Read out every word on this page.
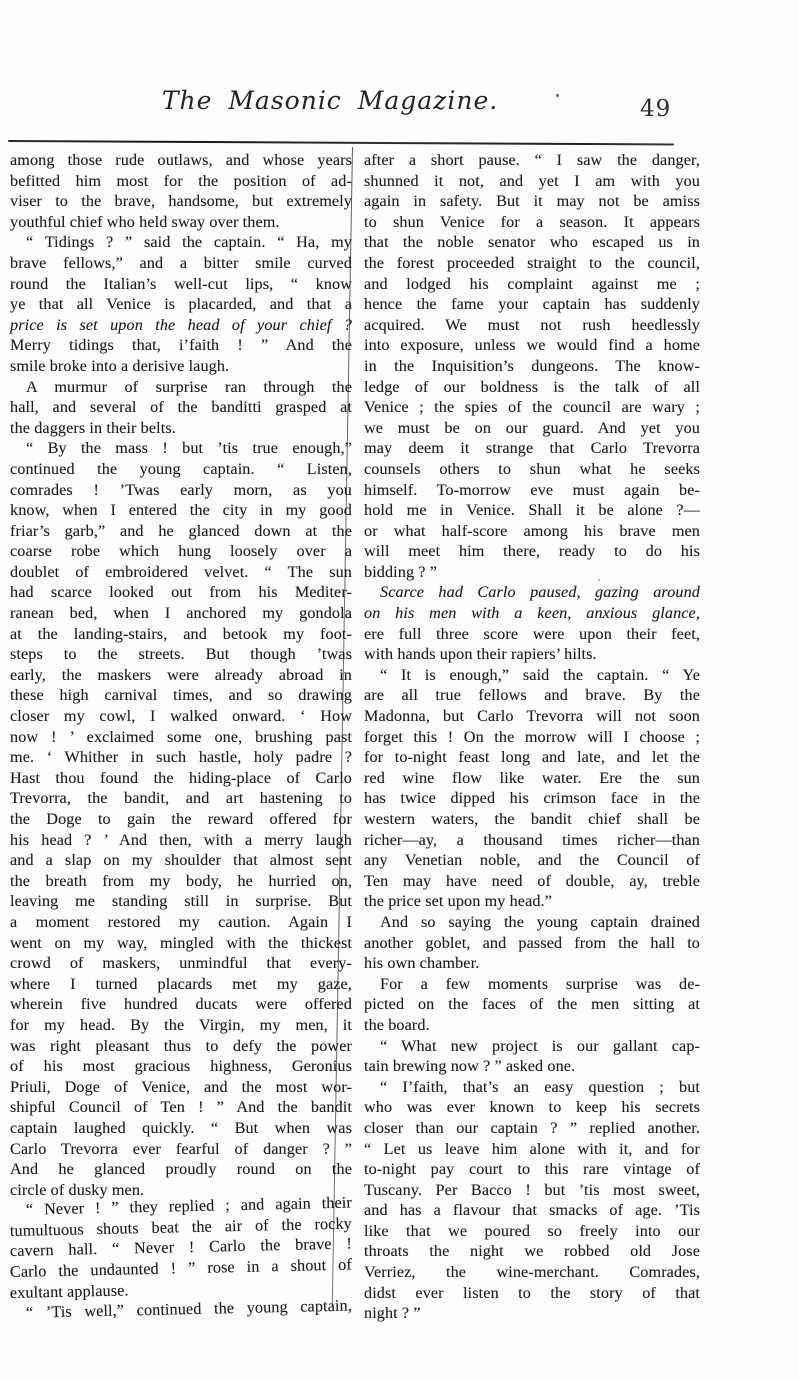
The Masonic Magazine.	49
among those rude outlaws, and whose years
befitted him most for the position of ad-
viser to the brave, handsome, but extremely
youthful chief who held sway over them.
“ Tidings ? ” said the captain. “ Ha, my
brave fellows,” and a bitter smile curved
round the Italian’s well-cut lips, “ know
ye that all Venice is placarded, and that a
price is set upon the head of your chief ?
Merry tidings that, i’faith ! ” And the
smile broke into a derisive laugh.
A murmur of surprise ran through the
hall, and several of the banditti grasped at
the daggers in their belts.
“ By the mass ! but ’tis true enough,”
continued the young captain. “ Listen,
comrades ! ’Twas early morn, as you
know, when I entered the city in my good
friar’s garb,” and he glanced down at the
coarse robe which hung loosely over a
doublet of embroidered velvet. “ The sun
had scarce looked out from his Mediter-
ranean bed, when I anchored my gondola
at the landing-stairs, and betook my foot-
steps to the streets. But though ’twas
early, the maskers were already abroad in
these high carnival times, and so drawing
closer my cowl, I walked onward. ‘ How
now ! ’ exclaimed some one, brushing past
me. ‘ Whither in such hastle, holy padre ?
Hast thou found the hiding-place of Carlo
Trevorra, the bandit, and art hastening to
the Doge to gain the reward offered for
his head ? ’ And then, with a merry laugh
and a slap on my shoulder that almost sent
the breath from my body, he hurried on,
leaving me standing still in surprise. But
a moment restored my caution. Again I
went on my way, mingled with the thickest
crowd of maskers, unmindful that every-
where I turned placards met my gaze,
wherein five hundred ducats were offered
for my head. By the Virgin, my men, it
was right pleasant thus to defy the power
of his most gracious highness, Geronius
Priuli, Doge of Venice, and the most wor-
shipful Council of Ten ! ” And the bandit
captain laughed quickly. “ But when was
Carlo Trevorra ever fearful of danger ? ”
And he glanced proudly round on the
circle of dusky men.
“ Never ! ” they replied ; and again their
tumultuous shouts beat the air of the rocky
cavern hall. “ Never ! Carlo the brave !
Carlo the undaunted ! ” rose in a shout of
exultant applause.
“ ’Tis well,” continued the young captain,
after a short pause. “ I saw the danger,
shunned it not, and yet I am with you
again in safety. But it may not be amiss
to shun Venice for a season. It appears
that the noble senator who escaped us in
the forest proceeded straight to the council,
and lodged his complaint against me ;
hence the fame your captain has suddenly
acquired. We must not rush heedlessly
into exposure, unless we would find a home
in the Inquisition’s dungeons. The know-
ledge of our boldness is the talk of all
Venice ; the spies of the council are wary ;
we must be on our guard. And yet you
may deem it strange that Carlo Trevorra
counsels others to shun what he seeks
himself. To-morrow eve must again be-
hold me in Venice. Shall it be alone ?—
or what half-score among his brave men
will meet him there, ready to do his
bidding ? ”
Scarce had Carlo paused, gazing around
on his men with a keen, anxious glance,
ere full three score were upon their feet,
with hands upon their rapiers’ hilts.
“ It is enough,” said the captain. “ Ye
are all true fellows and brave. By the
Madonna, but Carlo Trevorra will not soon
forget this ! On the morrow will I choose ;
for to-night feast long and late, and let the
red wine flow like water. Ere the sun
has twice dipped his crimson face in the
western waters, the bandit chief shall be
richer—ay, a thousand times richer—than
any Venetian noble, and the Council of
Ten may have need of double, ay, treble
the price set upon my head.”
And so saying the young captain drained
another goblet, and passed from the hall to
his own chamber.
For a few moments surprise was de-
picted on the faces of the men sitting at
the board.
“ What new project is our gallant cap-
tain brewing now ? ” asked one.
“ I’faith, that’s an easy question ; but
who was ever known to keep his secrets
closer than our captain ? ” replied another.
“ Let us leave him alone with it, and for
to-night pay court to this rare vintage of
Tuscany. Per Bacco ! but ’tis most sweet,
and has a flavour that smacks of age. ’Tis
like that we poured so freely into our
throats the night we robbed old Jose
Verriez, the wine-merchant. Comrades,
didst ever listen to the story of that
night ? ”
